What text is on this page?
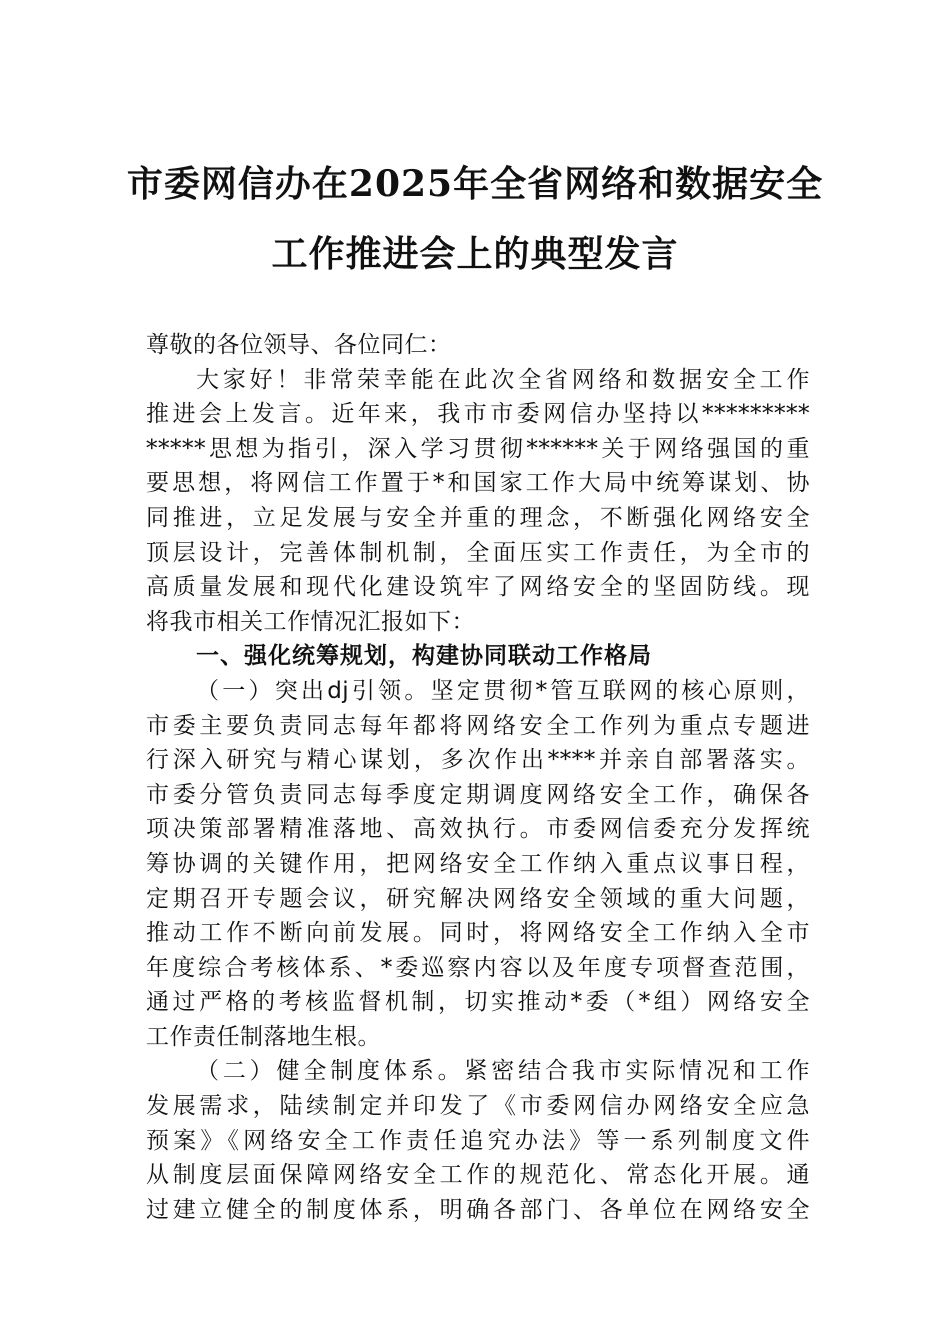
市委网信办在2025年全省网络和数据安全
工作推进会上的典型发言
尊敬的各位领导、各位同仁：
大家好！非常荣幸能在此次全省网络和数据安全工作
推进会上发言。近年来，我市市委网信办坚持以*********
*****思想为指引，深入学习贯彻******关于网络强国的重
要思想，将网信工作置于*和国家工作大局中统筹谋划、协
同推进，立足发展与安全并重的理念，不断强化网络安全
顶层设计，完善体制机制，全面压实工作责任，为全市的
高质量发展和现代化建设筑牢了网络安全的坚固防线。现
将我市相关工作情况汇报如下：
一、强化统筹规划，构建协同联动工作格局
（一）突出dj引领。坚定贯彻*管互联网的核心原则，
市委主要负责同志每年都将网络安全工作列为重点专题进
行深入研究与精心谋划，多次作出****并亲自部署落实。
市委分管负责同志每季度定期调度网络安全工作，确保各
项决策部署精准落地、高效执行。市委网信委充分发挥统
筹协调的关键作用，把网络安全工作纳入重点议事日程，
定期召开专题会议，研究解决网络安全领域的重大问题，
推动工作不断向前发展。同时，将网络安全工作纳入全市
年度综合考核体系、*委巡察内容以及年度专项督查范围，
通过严格的考核监督机制，切实推动*委（*组）网络安全
工作责任制落地生根。
（二）健全制度体系。紧密结合我市实际情况和工作
发展需求，陆续制定并印发了《市委网信办网络安全应急
预案》《网络安全工作责任追究办法》等一系列制度文件
从制度层面保障网络安全工作的规范化、常态化开展。通
过建立健全的制度体系，明确各部门、各单位在网络安全
